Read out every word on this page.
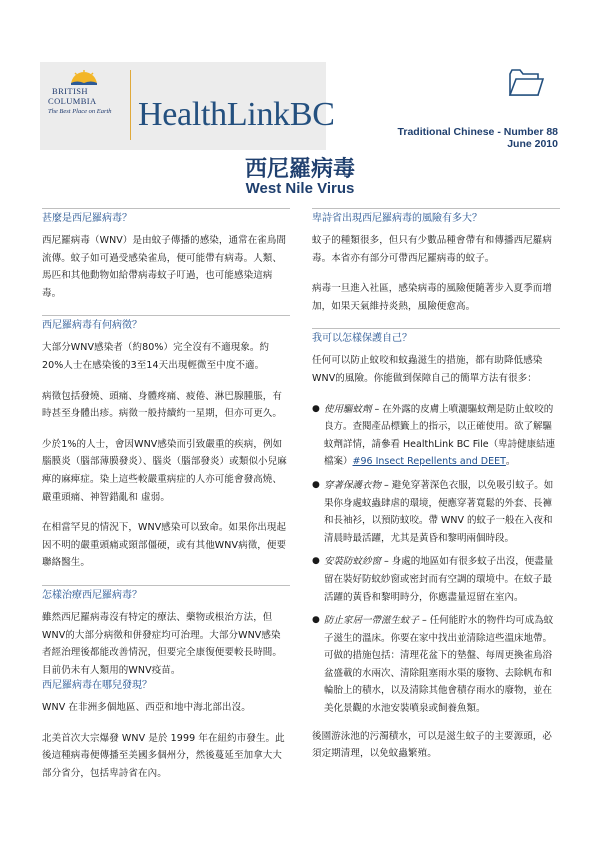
BRITISH
COLUMBIA
The Best Place on Earth HealthLinkBC	Traditional Chinese - Number 88
June 2010
西尼羅病毒
West Nile Virus
甚麼是西尼羅病毒？

西尼羅病毒（WNV）是由蚊子傳播的感染，通常在雀鳥間流傳。蚊子如可過受感染雀鳥，便可能帶有病毒。人類、馬匹和其他動物如給帶病毒蚊子叮過，也可能感染這病毒。

西尼羅病毒有何病徵？

大部分WNV感染者（約80%）完全沒有不適現象。約20%人士在感染後的3至14天出現輕微至中度不適。

病徵包括發燒、頭痛、身體疼痛、疲倦、淋巴腺腫脹，有時甚至身體出疹。病徵一般持續約一星期，但亦可更久。

少於1%的人士，會因WNV感染而引致嚴重的疾病，例如腦膜炎（腦部薄膜發炎）、腦炎（腦部發炎）或類似小兒麻痺的麻痺症。染上這些較嚴重病症的人亦可能會發高燒、嚴重頭痛、神智錯亂和 虛弱。

在相當罕見的情況下，WNV感染可以致命。如果你出現起因不明的嚴重頭痛或頸部僵硬，或有其他WNV病徵，便要聯絡醫生。

怎樣治療西尼羅病毒？

雖然西尼羅病毒沒有特定的療法、藥物或根治方法，但WNV的大部分病徵和併發症均可治理。大部分WNV感染者經治理後都能改善情況，但要完全康復便要較長時間。目前仍未有人類用的WNV疫苗。

西尼羅病毒在哪兒發現？

WNV 在非洲多個地區、西亞和地中海北部出沒。

北美首次大宗爆發 WNV 是於 1999 年在紐約市發生。此後這種病毒便傳播至美國多個州分，然後蔓延至加拿大大部分省分，包括卑詩省在內。

卑詩省出現西尼羅病毒的風險有多大？

蚊子的種類很多，但只有少數品種會帶有和傳播西尼羅病毒。本省亦有部分可帶西尼羅病毒的蚊子。

病毒一旦進入社區，感染病毒的風險便隨著步入夏季而增加，如果天氣維持炎熱，風險便愈高。

我可以怎樣保護自己？

任何可以防止蚊咬和蚊蟲滋生的措施，都有助降低感染WNV的風險。你能做到保障自己的簡單方法有很多：

● 使用驅蚊劑 – 在外露的皮膚上噴灑驅蚊劑是防止蚊咬的良方。查閱產品標籤上的指示，以正確使用。欲了解驅蚊劑詳情，請參看 HealthLink BC File（卑詩健康結連檔案）#96 Insect Repellents and DEET。
● 穿著保護衣物 – 避免穿著深色衣服，以免吸引蚊子。如果你身處蚊蟲肆虐的環境，便應穿著寬鬆的外套、長褲和長袖衫，以預防蚊咬。帶 WNV 的蚊子一般在入夜和清晨時最活躍，尤其是黃昏和黎明兩個時段。
● 安裝防蚊紗窗 – 身處的地區如有很多蚊子出沒，便盡量留在裝好防蚊紗窗或密封而有空調的環境中。在蚊子最活躍的黃昏和黎明時分，你應盡量逗留在室內。
● 防止家居一帶滋生蚊子 – 任何能貯水的物件均可成為蚊子滋生的溫床。你要在家中找出並清除這些溫床地帶。可做的措施包括：清理花盆下的墊盤、每周更換雀鳥浴盆盛載的水兩次、清除阻塞雨水渠的廢物、去除帆布和輪胎上的積水，以及清除其他會積存雨水的廢物，並在美化景觀的水池安裝噴泉或飼養魚類。

後園游泳池的污濁積水，可以是滋生蚊子的主要源頭，必須定期清理，以免蚊蟲繁殖。
